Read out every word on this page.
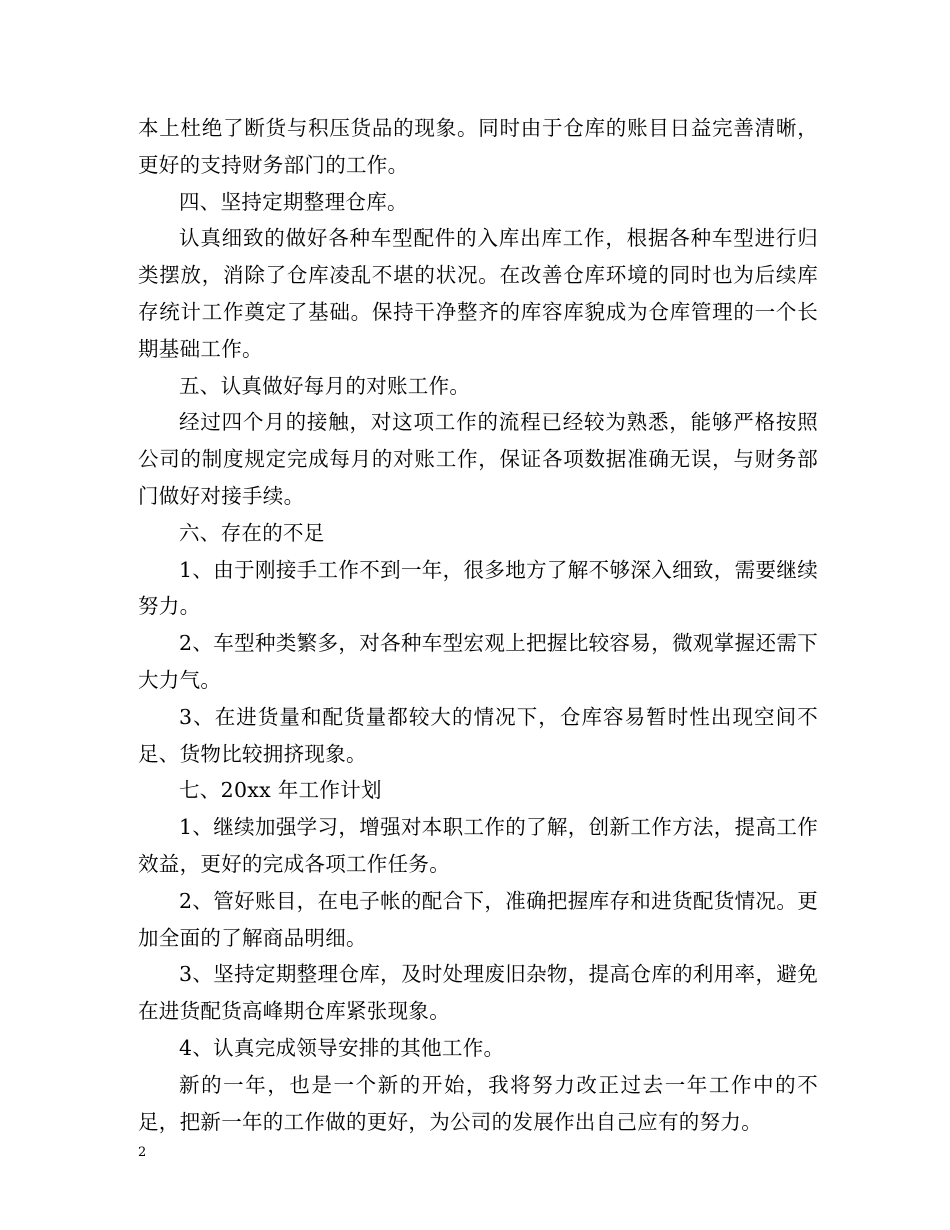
本上杜绝了断货与积压货品的现象。同时由于仓库的账目日益完善清晰，更好的支持财务部门的工作。

四、坚持定期整理仓库。

认真细致的做好各种车型配件的入库出库工作，根据各种车型进行归类摆放，消除了仓库凌乱不堪的状况。在改善仓库环境的同时也为后续库存统计工作奠定了基础。保持干净整齐的库容库貌成为仓库管理的一个长期基础工作。

五、认真做好每月的对账工作。

经过四个月的接触，对这项工作的流程已经较为熟悉，能够严格按照公司的制度规定完成每月的对账工作，保证各项数据准确无误，与财务部门做好对接手续。

六、存在的不足

1、由于刚接手工作不到一年，很多地方了解不够深入细致，需要继续努力。

2、车型种类繁多，对各种车型宏观上把握比较容易，微观掌握还需下大力气。

3、在进货量和配货量都较大的情况下，仓库容易暂时性出现空间不足、货物比较拥挤现象。

七、20xx 年工作计划

1、继续加强学习，增强对本职工作的了解，创新工作方法，提高工作效益，更好的完成各项工作任务。

2、管好账目，在电子帐的配合下，准确把握库存和进货配货情况。更加全面的了解商品明细。

3、坚持定期整理仓库，及时处理废旧杂物，提高仓库的利用率，避免在进货配货高峰期仓库紧张现象。

4、认真完成领导安排的其他工作。

新的一年，也是一个新的开始，我将努力改正过去一年工作中的不足，把新一年的工作做的更好，为公司的发展作出自己应有的努力。

2
